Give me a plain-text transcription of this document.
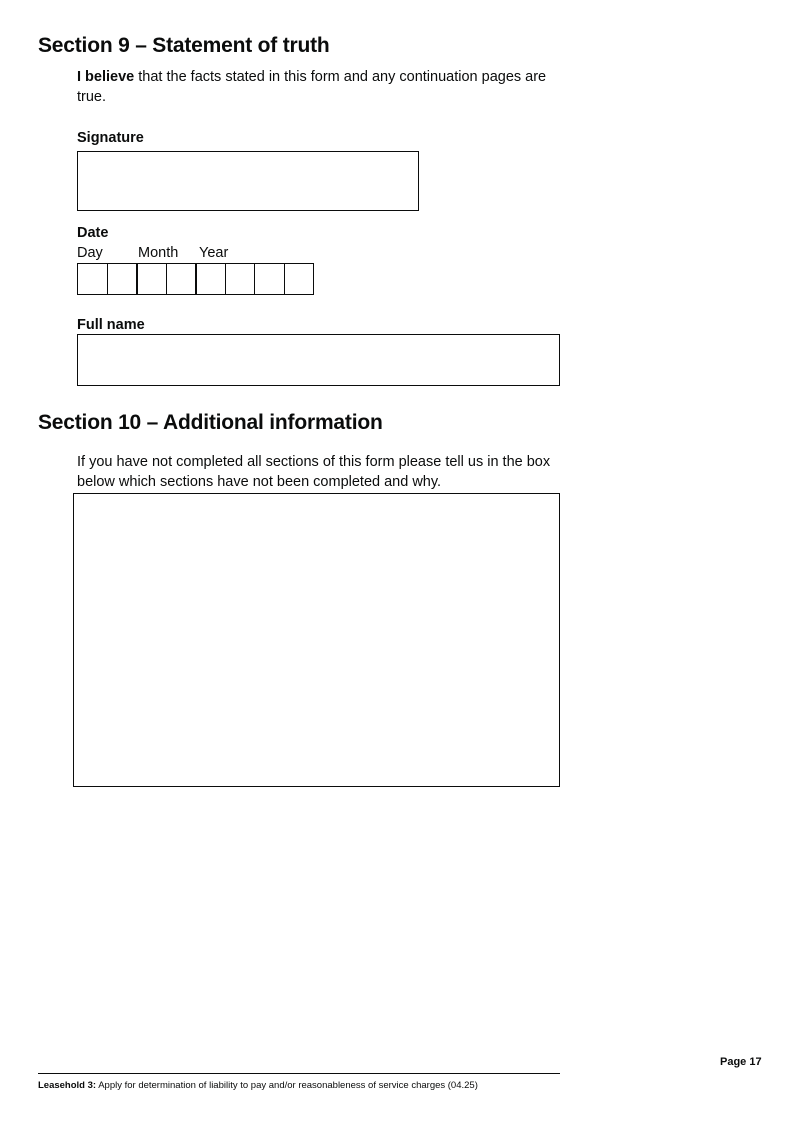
Section 9 – Statement of truth
I believe that the facts stated in this form and any continuation pages are true.
Signature
Date
Day Month Year
Full name
Section 10 – Additional information
If you have not completed all sections of this form please tell us in the box below which sections have not been completed and why.
Page 17
Leasehold 3: Apply for determination of liability to pay and/or reasonableness of service charges (04.25)
